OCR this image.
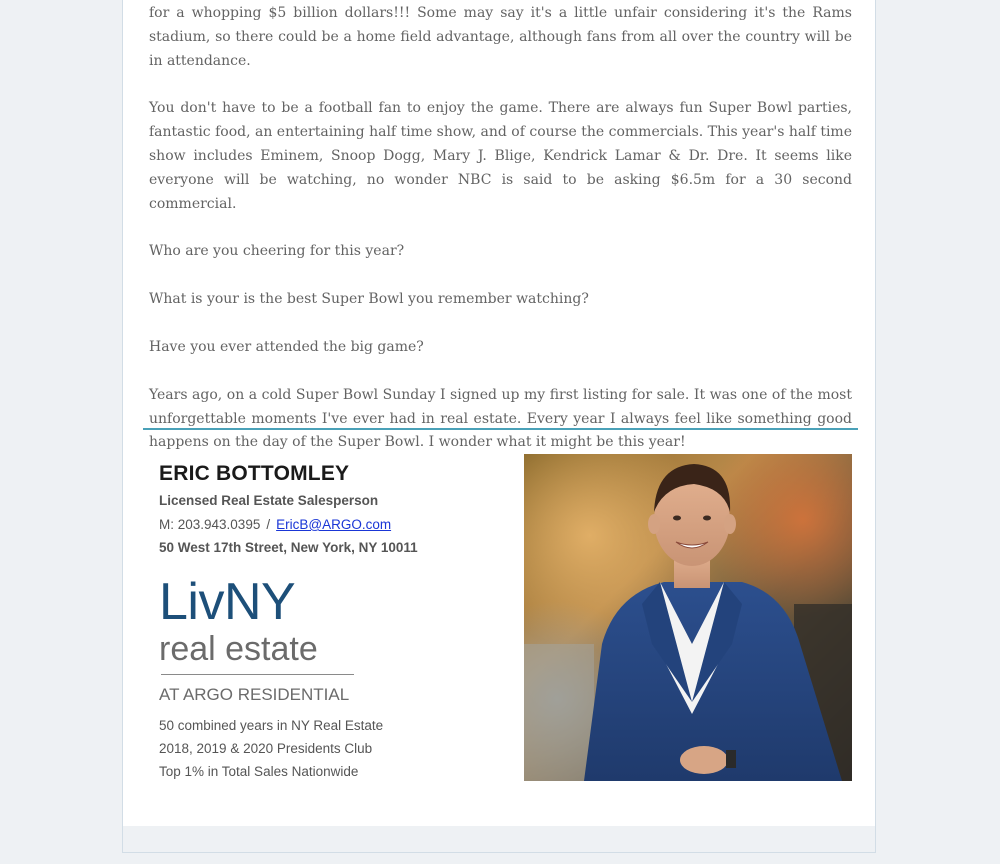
for a whopping $5 billion dollars!!! Some may say it's a little unfair considering it's the Rams stadium, so there could be a home field advantage, although fans from all over the country will be in attendance.

You don't have to be a football fan to enjoy the game. There are always fun Super Bowl parties, fantastic food, an entertaining half time show, and of course the commercials. This year's half time show includes Eminem, Snoop Dogg, Mary J. Blige, Kendrick Lamar & Dr. Dre. It seems like everyone will be watching, no wonder NBC is said to be asking $6.5m for a 30 second commercial.

Who are you cheering for this year?

What is your is the best Super Bowl you remember watching?

Have you ever attended the big game?

Years ago, on a cold Super Bowl Sunday I signed up my first listing for sale. It was one of the most unforgettable moments I've ever had in real estate. Every year I always feel like something good happens on the day of the Super Bowl. I wonder what it might be this year!

ERIC BOTTOMLEY
Licensed Real Estate Salesperson
M: 203.943.0395 / EricB@ARGO.com
50 West 17th Street, New York, NY 10011
LivNY
real estate
AT ARGO RESIDENTIAL
50 combined years in NY Real Estate
2018, 2019 & 2020 Presidents Club
Top 1% in Total Sales Nationwide
